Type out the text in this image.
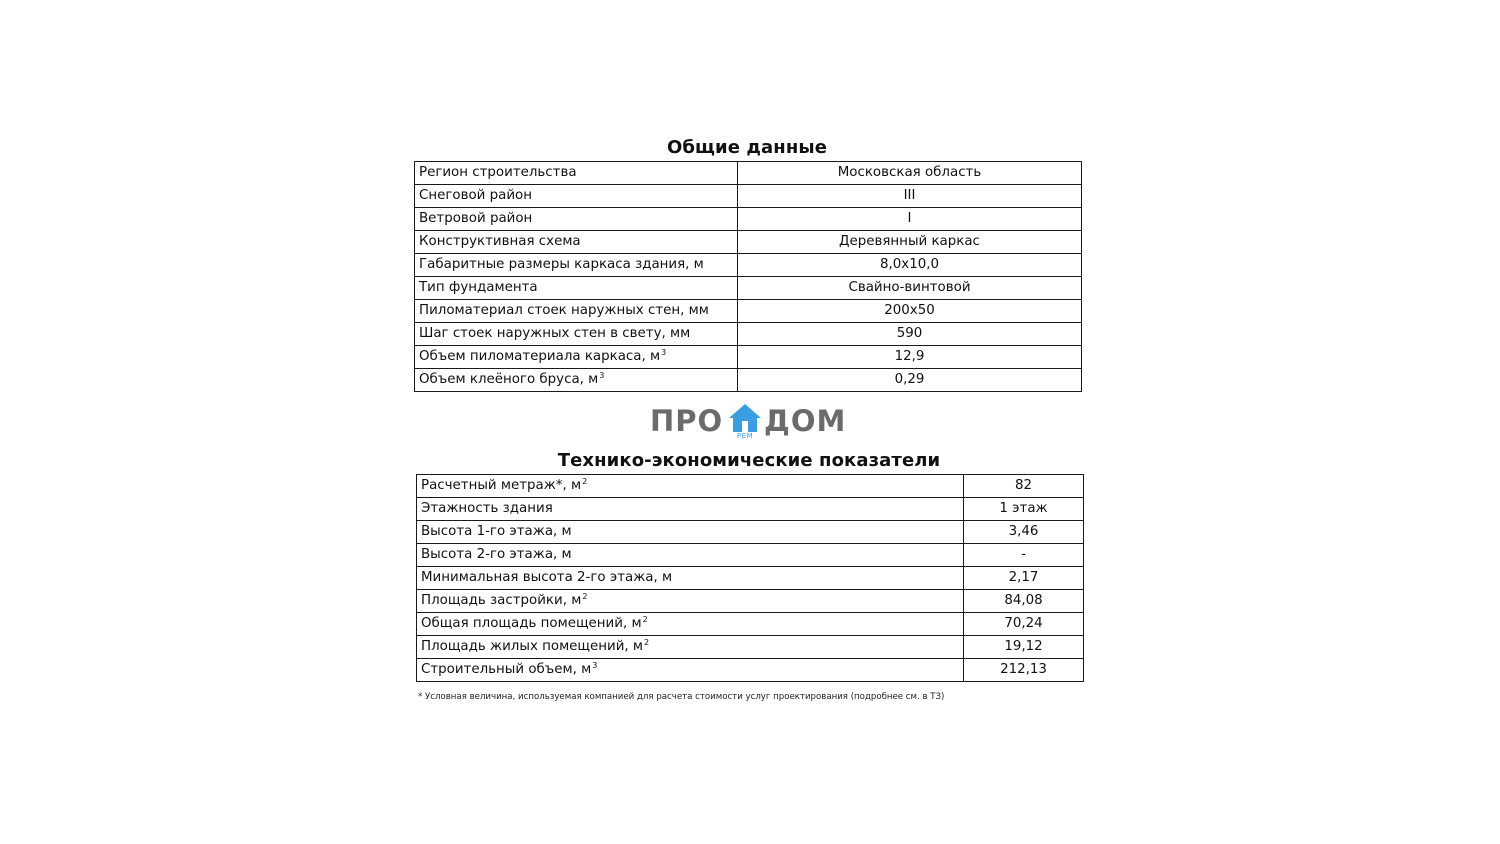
Общие данные
Регион строительства	Московская область
Снеговой район	III
Ветровой район	I
Конструктивная схема	Деревянный каркас
Габаритные размеры каркаса здания, м	8,0х10,0
Тип фундамента	Свайно-винтовой
Пиломатериал стоек наружных стен, мм	200х50
Шаг стоек наружных стен в свету, мм	590
Объем пиломатериала каркаса, $м^3$	12,9
Объем клеёного бруса, $м^3$	0,29
ПРО	РЕМ ДОМ
Технико-экономические показатели
Расчетный метраж*, $м^2$	82
Этажность здания	1 этаж
Высота 1-го этажа, м	3,46
Высота 2-го этажа, м	-
Минимальная высота 2-го этажа, м	2,17
Площадь застройки, $м^2$	84,08
Общая площадь помещений, $м^2$	70,24
Площадь жилых помещений, $м^2$	19,12
Строительный объем, $м^3$	212,13
* Условная величина, используемая компанией для расчета стоимости услуг проектирования (подробнее см. в ТЗ)
